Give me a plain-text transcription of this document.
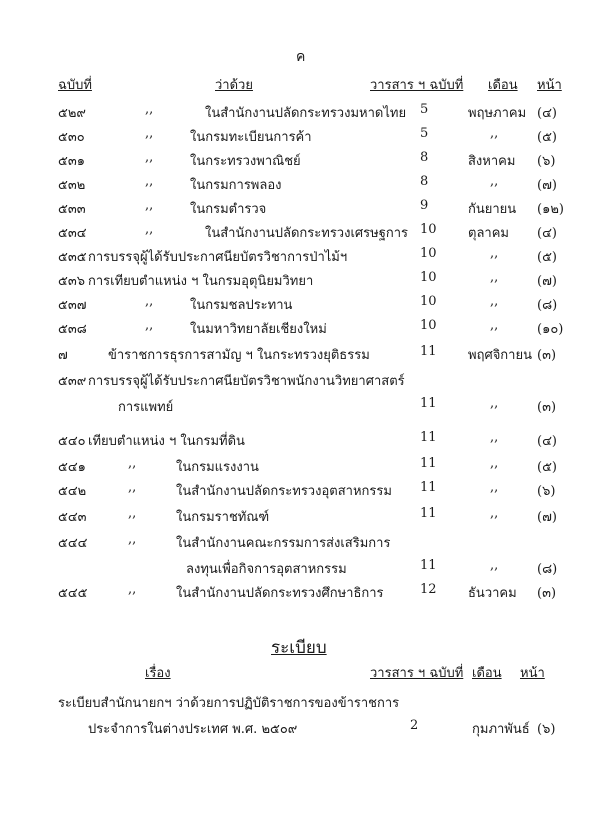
ค
ฉบับที่	ว่าด้วย	วารสาร ฯ ฉบับที่ เดือน หน้า
๕๒๙	,,	ในสำนักงานปลัดกระทรวงมหาดไทย 5	พฤษภาคม (๔)
๕๓๐	,,	ในกรมทะเบียนการค้า	5	,,	(๕)
๕๓๑	,,	ในกระทรวงพาณิชย์	8	สิงหาคม (๖)
๕๓๒	,,	ในกรมการพลอง	8	,,	(๗)
๕๓๓	,,	ในกรมตำรวจ	9	กันยายน (๑๒)
๕๓๔	,,	ในสำนักงานปลัดกระทรวงเศรษฐการ 10 ตุลาคม (๔)
๕๓๕ การบรรจุผู้ได้รับประกาศนียบัตรวิชาการป่าไม้ฯ	10	,,	(๕)
๕๓๖ การเทียบตำแหน่ง ฯ ในกรมอุตุนิยมวิทยา	10	,,	(๗)
๕๓๗	,,	ในกรมชลประทาน	10	,,	(๘)
๕๓๘	,,	ในมหาวิทยาลัยเชียงใหม่	10	,,	(๑๐)
๗	ข้าราชการธุรการสามัญ ฯ ในกระทรวงยุติธรรม	11 พฤศจิกายน (๓)
๕๓๙ การบรรจุผู้ได้รับประกาศนียบัตรวิชาพนักงานวิทยาศาสตร์
การแพทย์	11	,,	(๓)
๕๔๐ เทียบตำแหน่ง ฯ ในกรมที่ดิน	11	,,	(๔)
๕๔๑	,,	ในกรมแรงงาน	11	,,	(๕)
๕๔๒	,,	ในสำนักงานปลัดกระทรวงอุตสาหกรรม 11	,,	(๖)
๕๔๓	,,	ในกรมราชทัณฑ์	11	,,	(๗)
๕๔๔	,,	ในสำนักงานคณะกรรมการส่งเสริมการ
ลงทุนเพื่อกิจการอุตสาหกรรม	11	,,	(๘)
๕๔๕	,,	ในสำนักงานปลัดกระทรวงศึกษาธิการ	12 ธันวาคม (๓)
ระเบียบ
เรื่อง	วารสาร ฯ ฉบับที่ เดือน หน้า
ระเบียบสำนักนายกฯ ว่าด้วยการปฏิบัติราชการของข้าราชการ
ประจำการในต่างประเทศ พ.ศ. ๒๕๐๙	2	กุมภาพันธ์ (๖)
